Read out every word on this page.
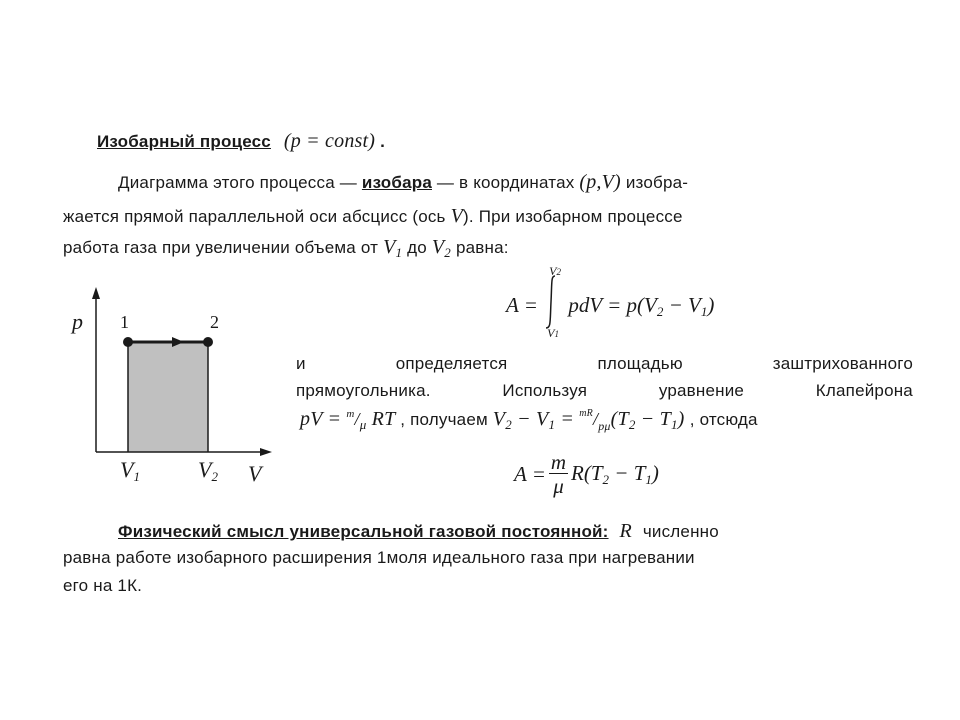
Изобарный процесс (p = const) .
Диаграмма этого процесса — изобара — в координатах (p,V) изобра-
жается прямой параллельной оси абсцисс (ось V). При изобарном процессе
работа газа при увеличении объема от $V_1$ до $V_2$ равна:
A =
V2
V1
pdV = $p(V_2 - V_1)$
p 1	2
$V_1$	$V_2$ V
и	определяется	площадью	заштрихованного
прямоугольника.	Используя	уравнение	Клапейрона
pV = $^m/_\mu$ RT , получаем $V_2 - V_1 = ^{mR}/_{p\mu}(T_2 - T_1)$ , отсюда
$A = \frac{m}{\mu} R(T_2 - T_1)$
Физический смысл универсальной газовой постоянной: R численно
равна работе изобарного расширения 1моля идеального газа при нагревании
его на 1К.
